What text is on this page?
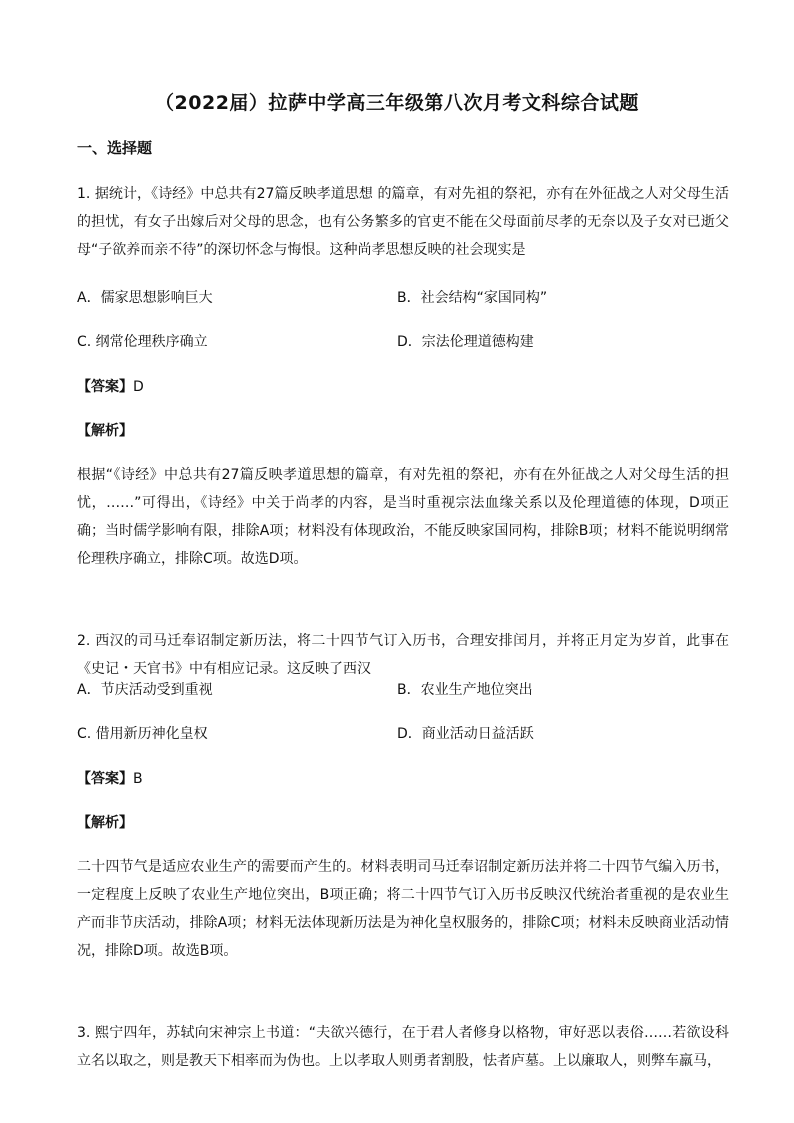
（2022届）拉萨中学高三年级第八次月考文科综合试题
一、选择题

1. 据统计，《诗经》中总共有27篇反映孝道思想 的篇章，有对先祖的祭祀，亦有在外征战之人对父母生活的担忧，有女子出嫁后对父母的思念，也有公务繁多的官吏不能在父母面前尽孝的无奈以及子女对已逝父母“子欲养而亲不待”的深切怀念与悔恨。这种尚孝思想反映的社会现实是

A．儒家思想影响巨大	B．社会结构“家国同构”
C. 纲常伦理秩序确立	D．宗法伦理道德构建
【答案】D
【解析】

根据“《诗经》中总共有27篇反映孝道思想的篇章，有对先祖的祭祀，亦有在外征战之人对父母生活的担忧，……”可得出，《诗经》中关于尚孝的内容，是当时重视宗法血缘关系以及伦理道德的体现，D项正确；当时儒学影响有限，排除A项；材料没有体现政治，不能反映家国同构，排除B项；材料不能说明纲常伦理秩序确立，排除C项。故选D项。

2. 西汉的司马迁奉诏制定新历法，将二十四节气订入历书，合理安排闰月，并将正月定为岁首，此事在《史记・天官书》中有相应记录。这反映了西汉

A．节庆活动受到重视	B．农业生产地位突出
C. 借用新历神化皇权	D．商业活动日益活跃
【答案】B
【解析】

二十四节气是适应农业生产的需要而产生的。材料表明司马迁奉诏制定新历法并将二十四节气编入历书，一定程度上反映了农业生产地位突出，B项正确；将二十四节气订入历书反映汉代统治者重视的是农业生产而非节庆活动，排除A项；材料无法体现新历法是为神化皇权服务的，排除C项；材料未反映商业活动情况，排除D项。故选B项。

3. 熙宁四年，苏轼向宋神宗上书道：“夫欲兴德行，在于君人者修身以格物，审好恶以表俗……若欲设科立名以取之，则是教天下相率而为伪也。上以孝取人则勇者割股，怯者庐墓。上以廉取人，则弊车羸马，
